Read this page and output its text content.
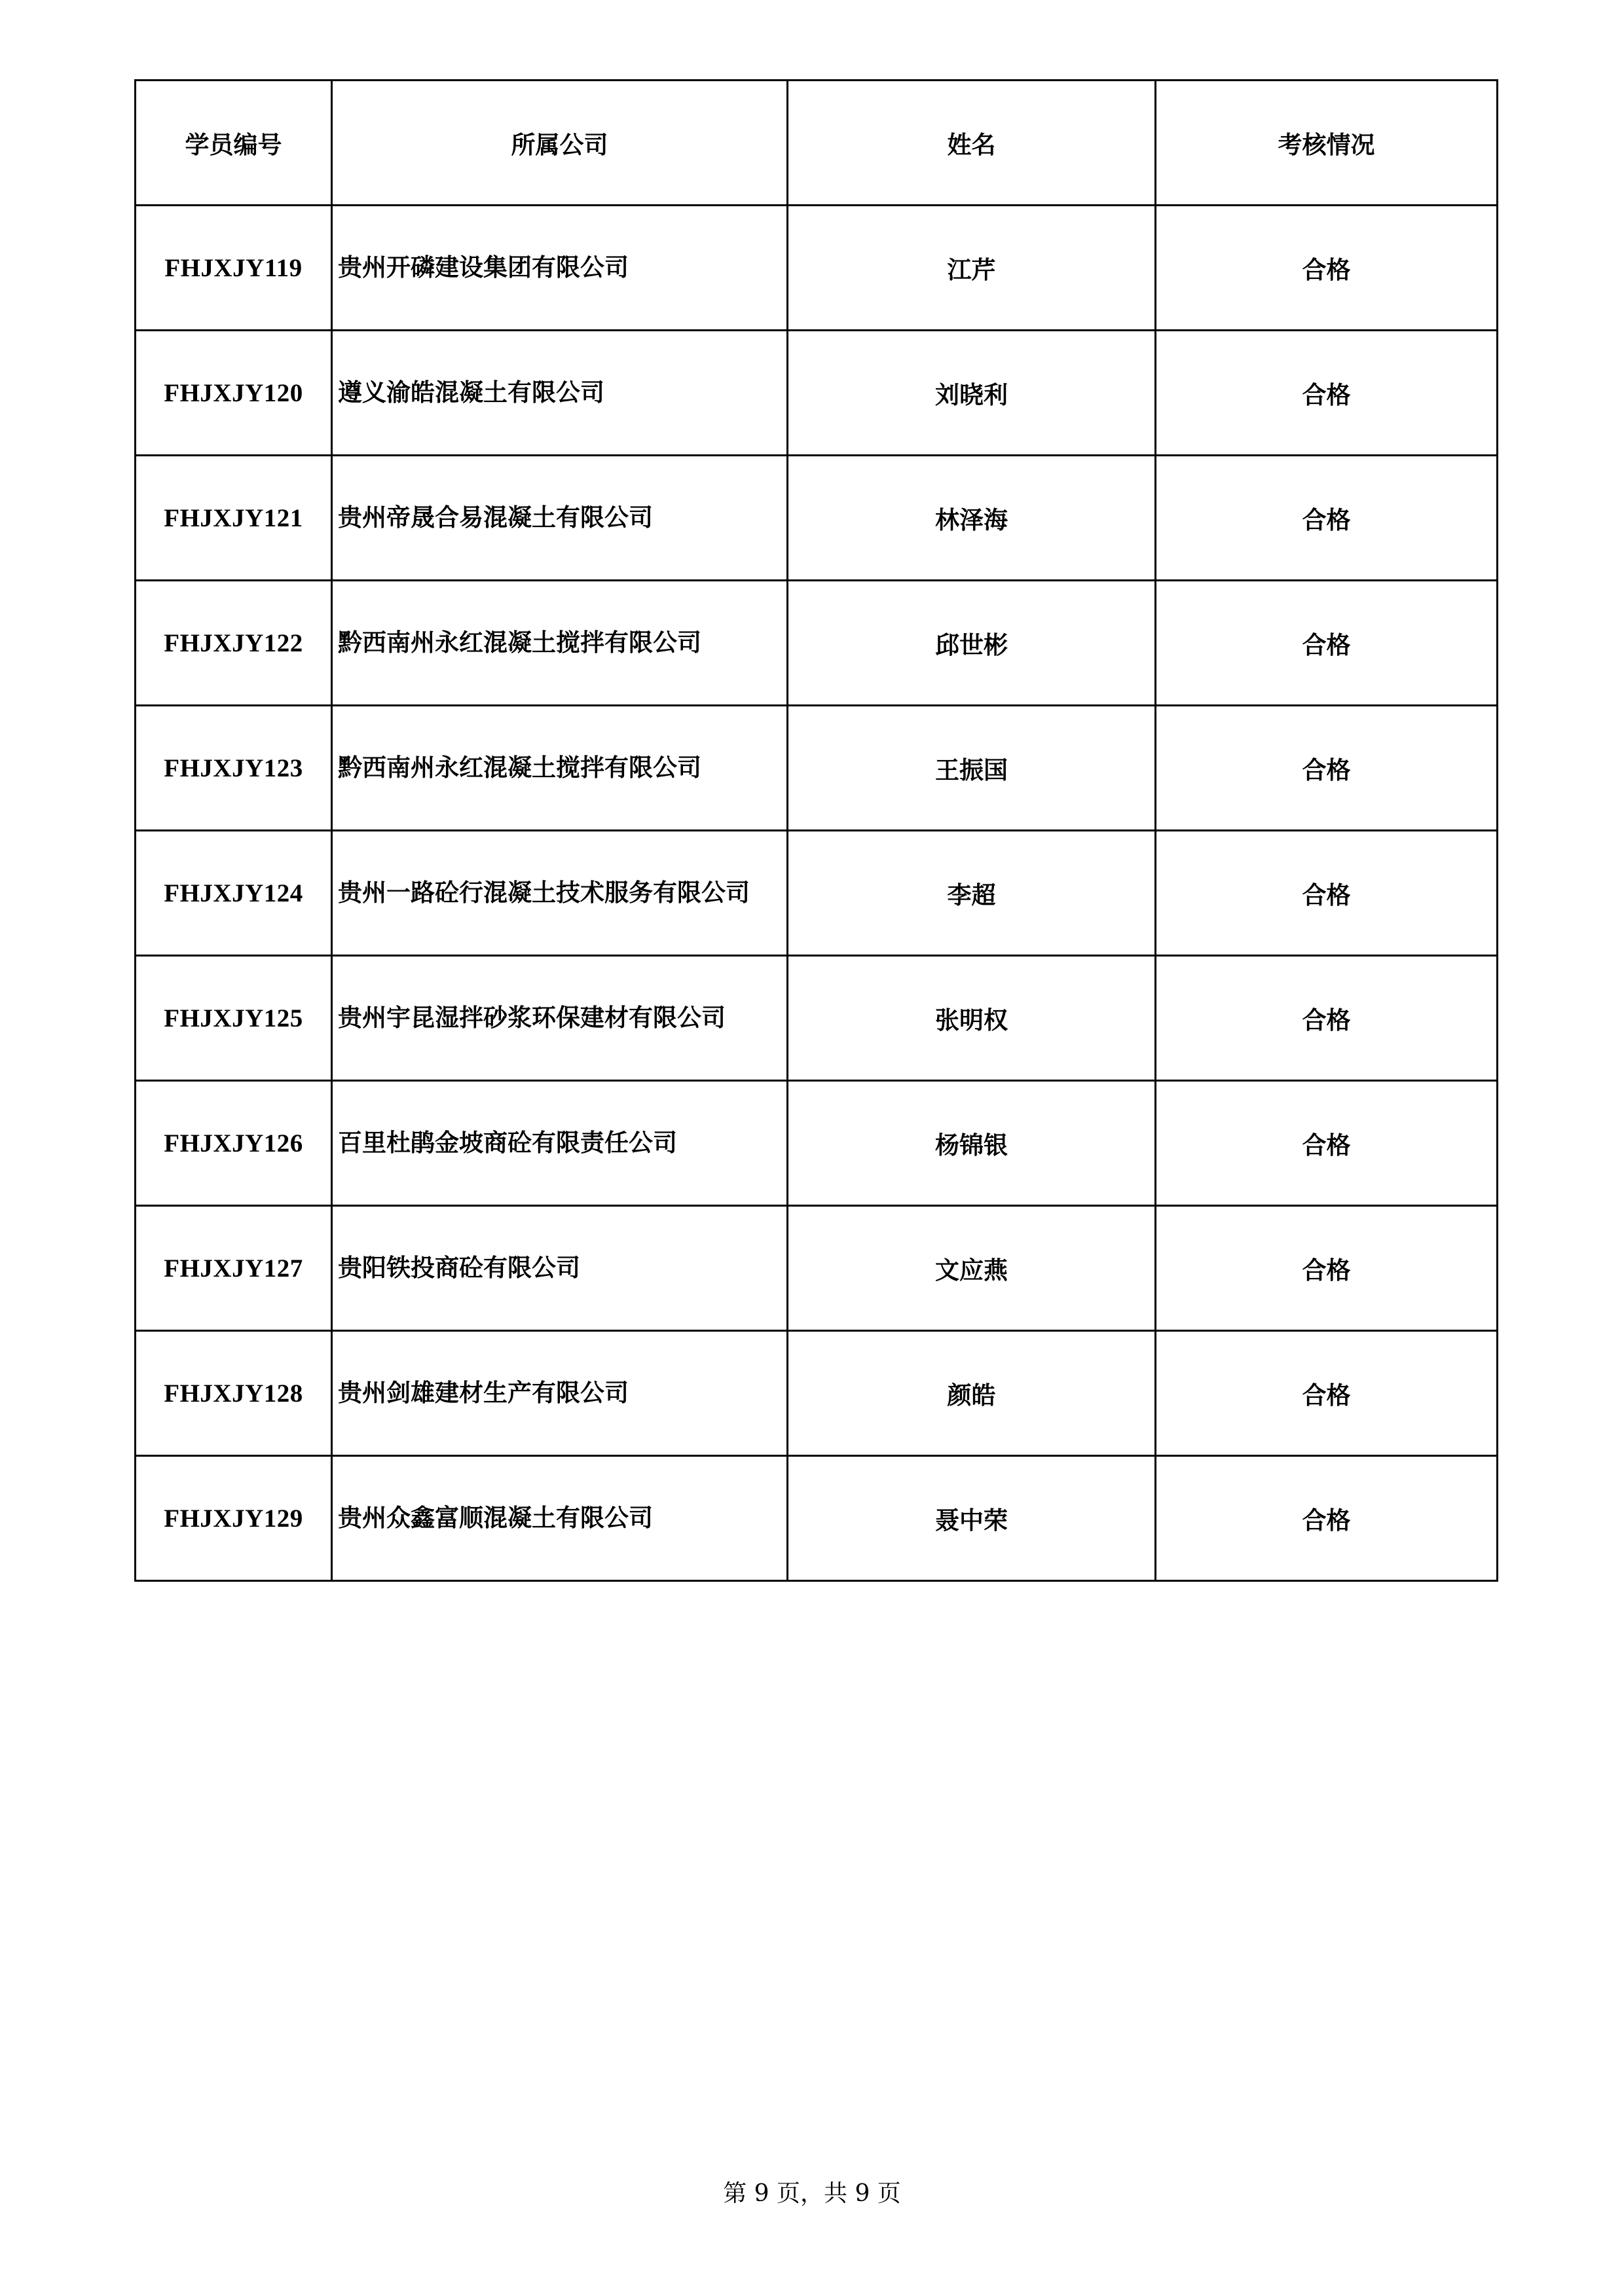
学员编号	所属公司	姓名	考核情况
FHJXJY119	贵州开磷建设集团有限公司	江芹	合格
FHJXJY120	遵义渝皓混凝土有限公司	刘晓利	合格
FHJXJY121	贵州帝晟合易混凝土有限公司	林泽海	合格
FHJXJY122	黔西南州永红混凝土搅拌有限公司	邱世彬	合格
FHJXJY123	黔西南州永红混凝土搅拌有限公司	王振国	合格
FHJXJY124	贵州一路砼行混凝土技术服务有限公司	李超	合格
FHJXJY125	贵州宇昆湿拌砂浆环保建材有限公司	张明权	合格
FHJXJY126	百里杜鹃金坡商砼有限责任公司	杨锦银	合格
FHJXJY127	贵阳铁投商砼有限公司	文应燕	合格
FHJXJY128	贵州剑雄建材生产有限公司	颜皓	合格
FHJXJY129	贵州众鑫富顺混凝土有限公司	聂中荣	合格
第 9 页，共 9 页
